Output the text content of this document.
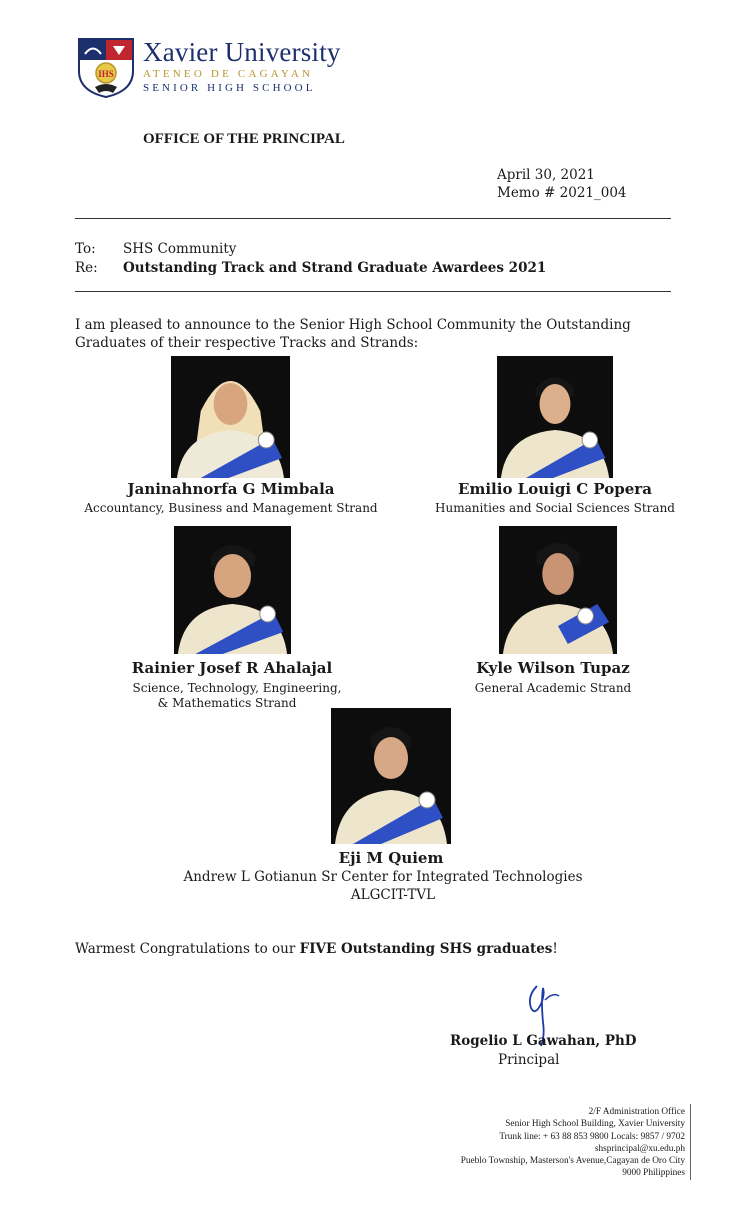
IHS
Xavier University
ATENEO DE CAGAYAN
SENIOR HIGH SCHOOL
OFFICE OF THE PRINCIPAL
April 30, 2021
Memo # 2021_004
To: SHS Community
Re: Outstanding Track and Strand Graduate Awardees 2021
I am pleased to announce to the Senior High School Community the Outstanding Graduates of their respective Tracks and Strands:
Janinahnorfa G Mimbala
Accountancy, Business and Management Strand
Emilio Louigi C Popera
Humanities and Social Sciences Strand
Rainier Josef R Ahalajal
Science, Technology, Engineering,
& Mathematics Strand
Kyle Wilson Tupaz
General Academic Strand
Eji M Quiem
Andrew L Gotianun Sr Center for Integrated Technologies
ALGCIT-TVL
Warmest Congratulations to our FIVE Outstanding SHS graduates!
Rogelio L Gawahan, PhD
Principal
2/F Administration Office
Senior High School Building, Xavier University
Trunk line: + 63 88 853 9800 Locals: 9857 / 9702
shsprincipal@xu.edu.ph
Pueblo Township, Masterson's Avenue,Cagayan de Oro City
9000 Philippines
